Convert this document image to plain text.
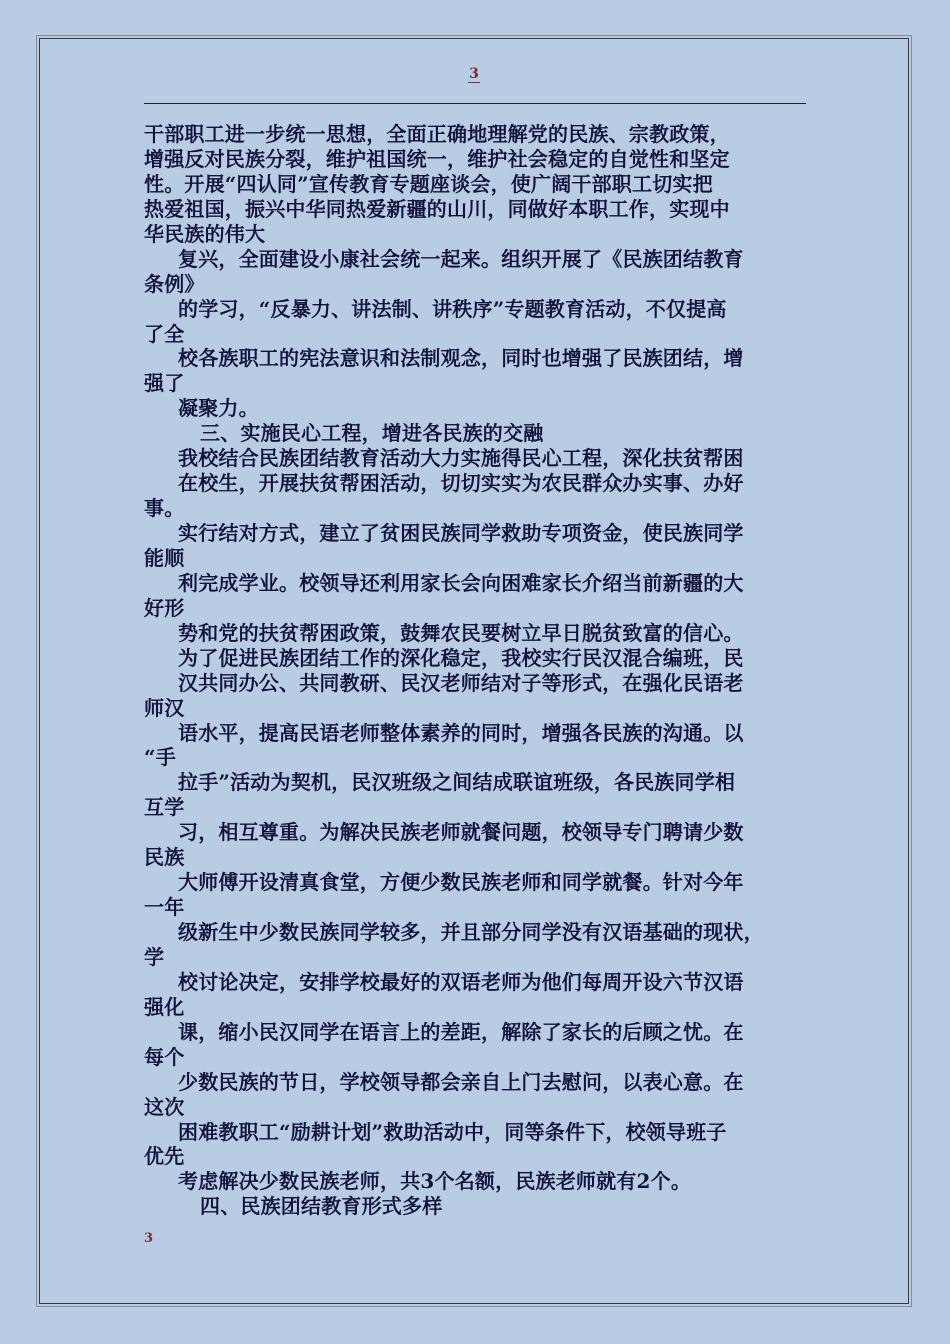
3
干部职工进一步统一思想，全面正确地理解党的民族、宗教政策，
增强反对民族分裂，维护祖国统一，维护社会稳定的自觉性和坚定
性。开展“四认同”宣传教育专题座谈会，使广阔干部职工切实把
热爱祖国，振兴中华同热爱新疆的山川，同做好本职工作，实现中
华民族的伟大
复兴，全面建设小康社会统一起来。组织开展了《民族团结教育
条例》
的学习，“反暴力、讲法制、讲秩序”专题教育活动，不仅提高
了全
校各族职工的宪法意识和法制观念，同时也增强了民族团结，增
强了
凝聚力。
三、实施民心工程，增进各民族的交融
我校结合民族团结教育活动大力实施得民心工程，深化扶贫帮困
在校生，开展扶贫帮困活动，切切实实为农民群众办实事、办好
事。
实行结对方式，建立了贫困民族同学救助专项资金，使民族同学
能顺
利完成学业。校领导还利用家长会向困难家长介绍当前新疆的大
好形
势和党的扶贫帮困政策，鼓舞农民要树立早日脱贫致富的信心。
为了促进民族团结工作的深化稳定，我校实行民汉混合编班，民
汉共同办公、共同教研、民汉老师结对子等形式，在强化民语老
师汉
语水平，提高民语老师整体素养的同时，增强各民族的沟通。以
“手
拉手”活动为契机，民汉班级之间结成联谊班级，各民族同学相
互学
习，相互尊重。为解决民族老师就餐问题，校领导专门聘请少数
民族
大师傅开设清真食堂，方便少数民族老师和同学就餐。针对今年
一年
级新生中少数民族同学较多，并且部分同学没有汉语基础的现状，
学
校讨论决定，安排学校最好的双语老师为他们每周开设六节汉语
强化
课，缩小民汉同学在语言上的差距，解除了家长的后顾之忧。在
每个
少数民族的节日，学校领导都会亲自上门去慰问，以表心意。在
这次
困难教职工“励耕计划”救助活动中，同等条件下，校领导班子
优先
考虑解决少数民族老师，共3个名额，民族老师就有2个。
四、民族团结教育形式多样
3
